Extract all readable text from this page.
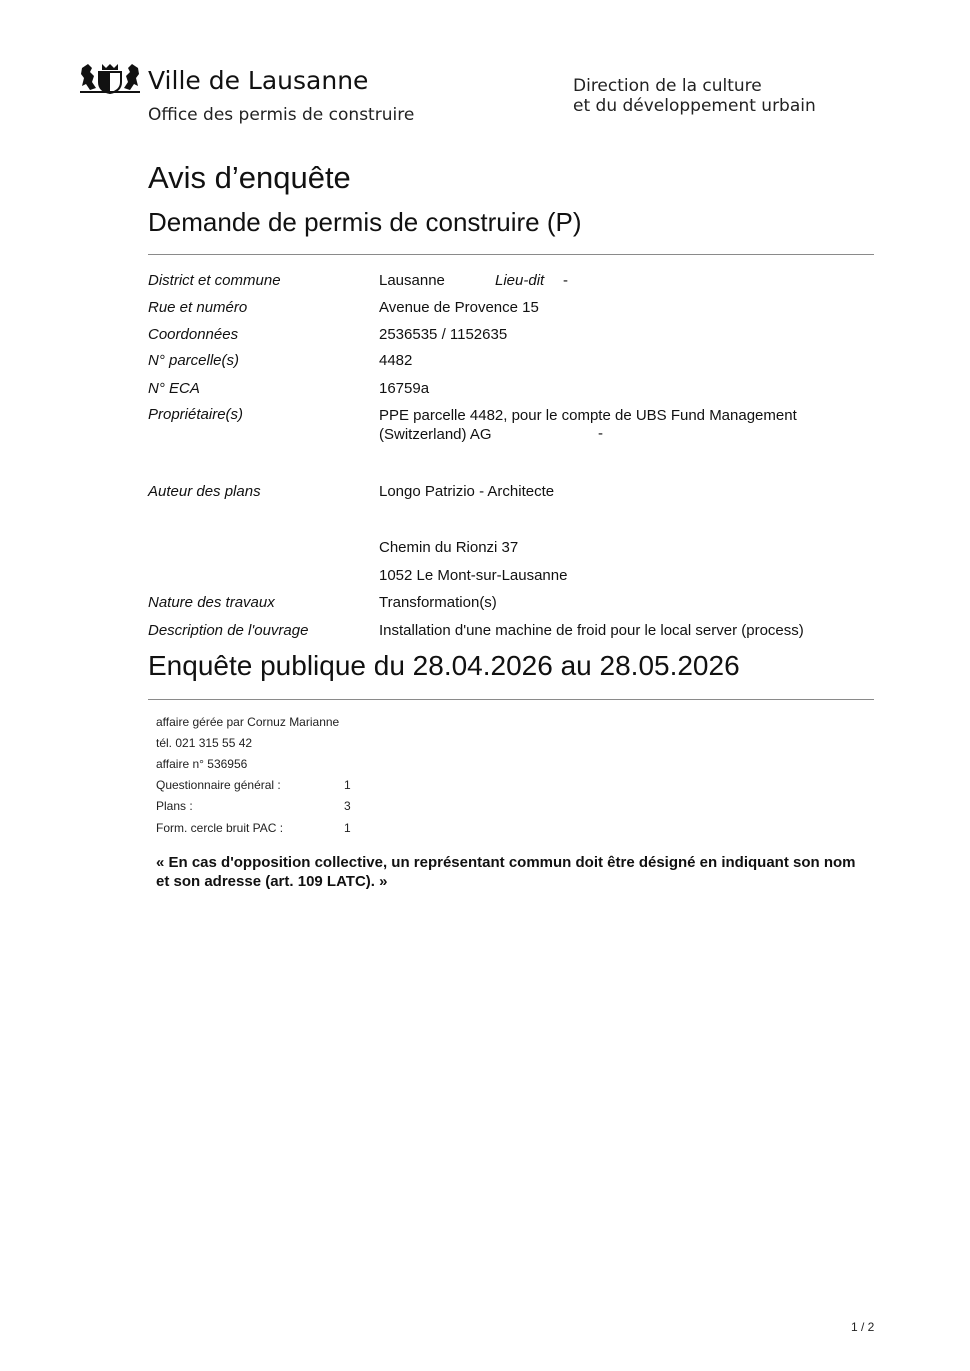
Ville de Lausanne
Office des permis de construire
Direction de la culture
et du développement urbain
Avis d’enquête
Demande de permis de construire (P)
District et commune	Lausanne	Lieu-dit -
Rue et numéro	Avenue de Provence 15
Coordonnées	2536535 / 1152635
N° parcelle(s)	4482
N° ECA	16759a
Propriétaire(s)	PPE parcelle 4482, pour le compte de UBS Fund Management (Switzerland) AG	-
Auteur des plans	Longo Patrizio - Architecte
Chemin du Rionzi 37
1052 Le Mont-sur-Lausanne
Nature des travaux	Transformation(s)
Description de l'ouvrage	Installation d'une machine de froid pour le local server (process)
Enquête publique du 28.04.2026 au 28.05.2026
affaire gérée par Cornuz Marianne
tél. 021 315 55 42
affaire n° 536956
Questionnaire général :	1
Plans :	3
Form. cercle bruit PAC :	1
« En cas d'opposition collective, un représentant commun doit être désigné en indiquant son nom et son adresse (art. 109 LATC). »
1 / 2
